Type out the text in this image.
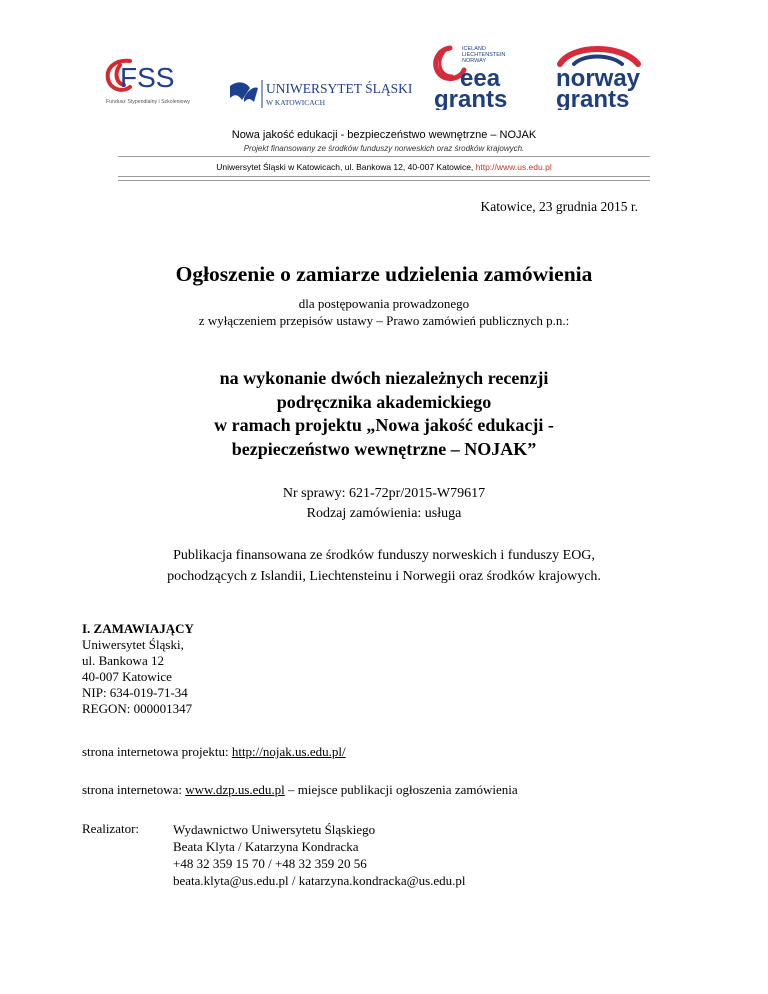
FSS
Fundusz Stypendialny i Szkoleniowy
UNIWERSYTET ŚLĄSKI
W KATOWICACH
ICELAND
LIECHTENSTEIN
NORWAY
eea
grants
norway
grants
Nowa jakość edukacji - bezpieczeństwo wewnętrzne – NOJAK
Projekt finansowany ze środków funduszy norweskich oraz środków krajowych.
Uniwersytet Śląski w Katowicach, ul. Bankowa 12, 40-007 Katowice, http://www.us.edu.pl
Katowice, 23 grudnia 2015 r.
Ogłoszenie o zamiarze udzielenia zamówienia
dla postępowania prowadzonego
z wyłączeniem przepisów ustawy – Prawo zamówień publicznych p.n.:
na wykonanie dwóch niezależnych recenzji
podręcznika akademickiego
w ramach projektu „Nowa jakość edukacji -
bezpieczeństwo wewnętrzne – NOJAK”
Nr sprawy: 621-72pr/2015-W79617
Rodzaj zamówienia: usługa
Publikacja finansowana ze środków funduszy norweskich i funduszy EOG,
pochodzących z Islandii, Liechtensteinu i Norwegii oraz środków krajowych.
I. ZAMAWIAJĄCY
Uniwersytet Śląski,
ul. Bankowa 12
40-007 Katowice
NIP: 634-019-71-34
REGON: 000001347
strona internetowa projektu: http://nojak.us.edu.pl/
strona internetowa: www.dzp.us.edu.pl – miejsce publikacji ogłoszenia zamówienia
Realizator:	Wydawnictwo Uniwersytetu Śląskiego
Beata Klyta / Katarzyna Kondracka
+48 32 359 15 70 / +48 32 359 20 56
beata.klyta@us.edu.pl / katarzyna.kondracka@us.edu.pl
